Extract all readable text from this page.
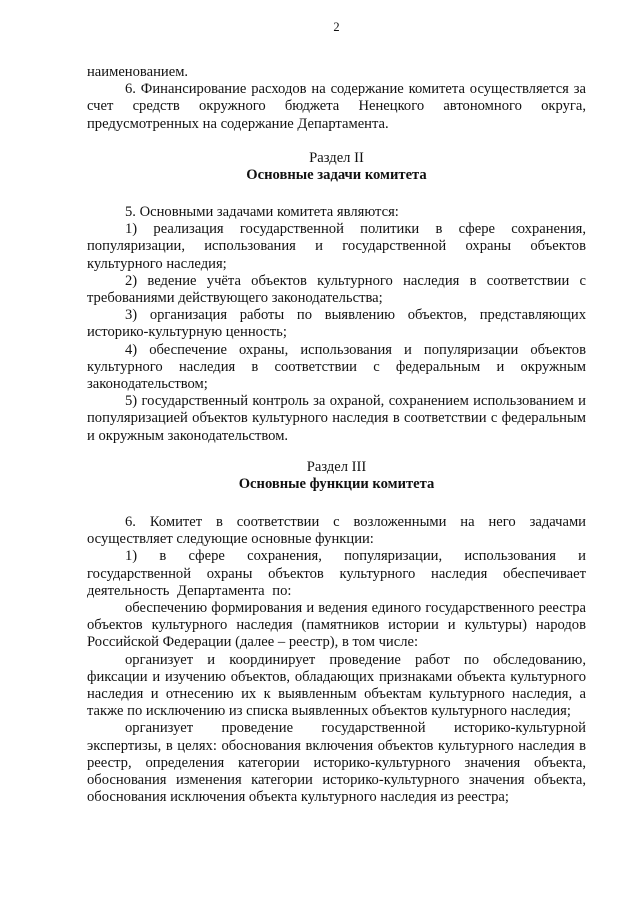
2

наименованием.

6. Финансирование расходов на содержание комитета осуществляется за счет средств окружного бюджета Ненецкого автономного округа, предусмотренных на содержание Департамента.

Раздел II

Основные задачи комитета

5. Основными задачами комитета являются:

1) реализация государственной политики в сфере сохранения, популяризации, использования и государственной охраны объектов культурного наследия;

2) ведение учёта объектов культурного наследия в соответствии с требованиями действующего законодательства;

3) организация работы по выявлению объектов, представляющих историко-культурную ценность;

4) обеспечение охраны, использования и популяризации объектов культурного наследия в соответствии с федеральным и окружным законодательством;

5) государственный контроль за охраной, сохранением использованием и популяризацией объектов культурного наследия в соответствии с федеральным и окружным законодательством.

Раздел III

Основные функции комитета

6. Комитет в соответствии с возложенными на него задачами осуществляет следующие основные функции:

1) в сфере сохранения, популяризации, использования и государственной охраны объектов культурного наследия обеспечивает деятельность Департамента по:

обеспечению формирования и ведения единого государственного реестра объектов культурного наследия (памятников истории и культуры) народов Российской Федерации (далее – реестр), в том числе:

организует и координирует проведение работ по обследованию, фиксации и изучению объектов, обладающих признаками объекта культурного наследия и отнесению их к выявленным объектам культурного наследия, а также по исключению из списка выявленных объектов культурного наследия;

организует проведение государственной историко-культурной экспертизы, в целях: обоснования включения объектов культурного наследия в реестр, определения категории историко-культурного значения объекта, обоснования изменения категории историко-культурного значения объекта, обоснования исключения объекта культурного наследия из реестра;
